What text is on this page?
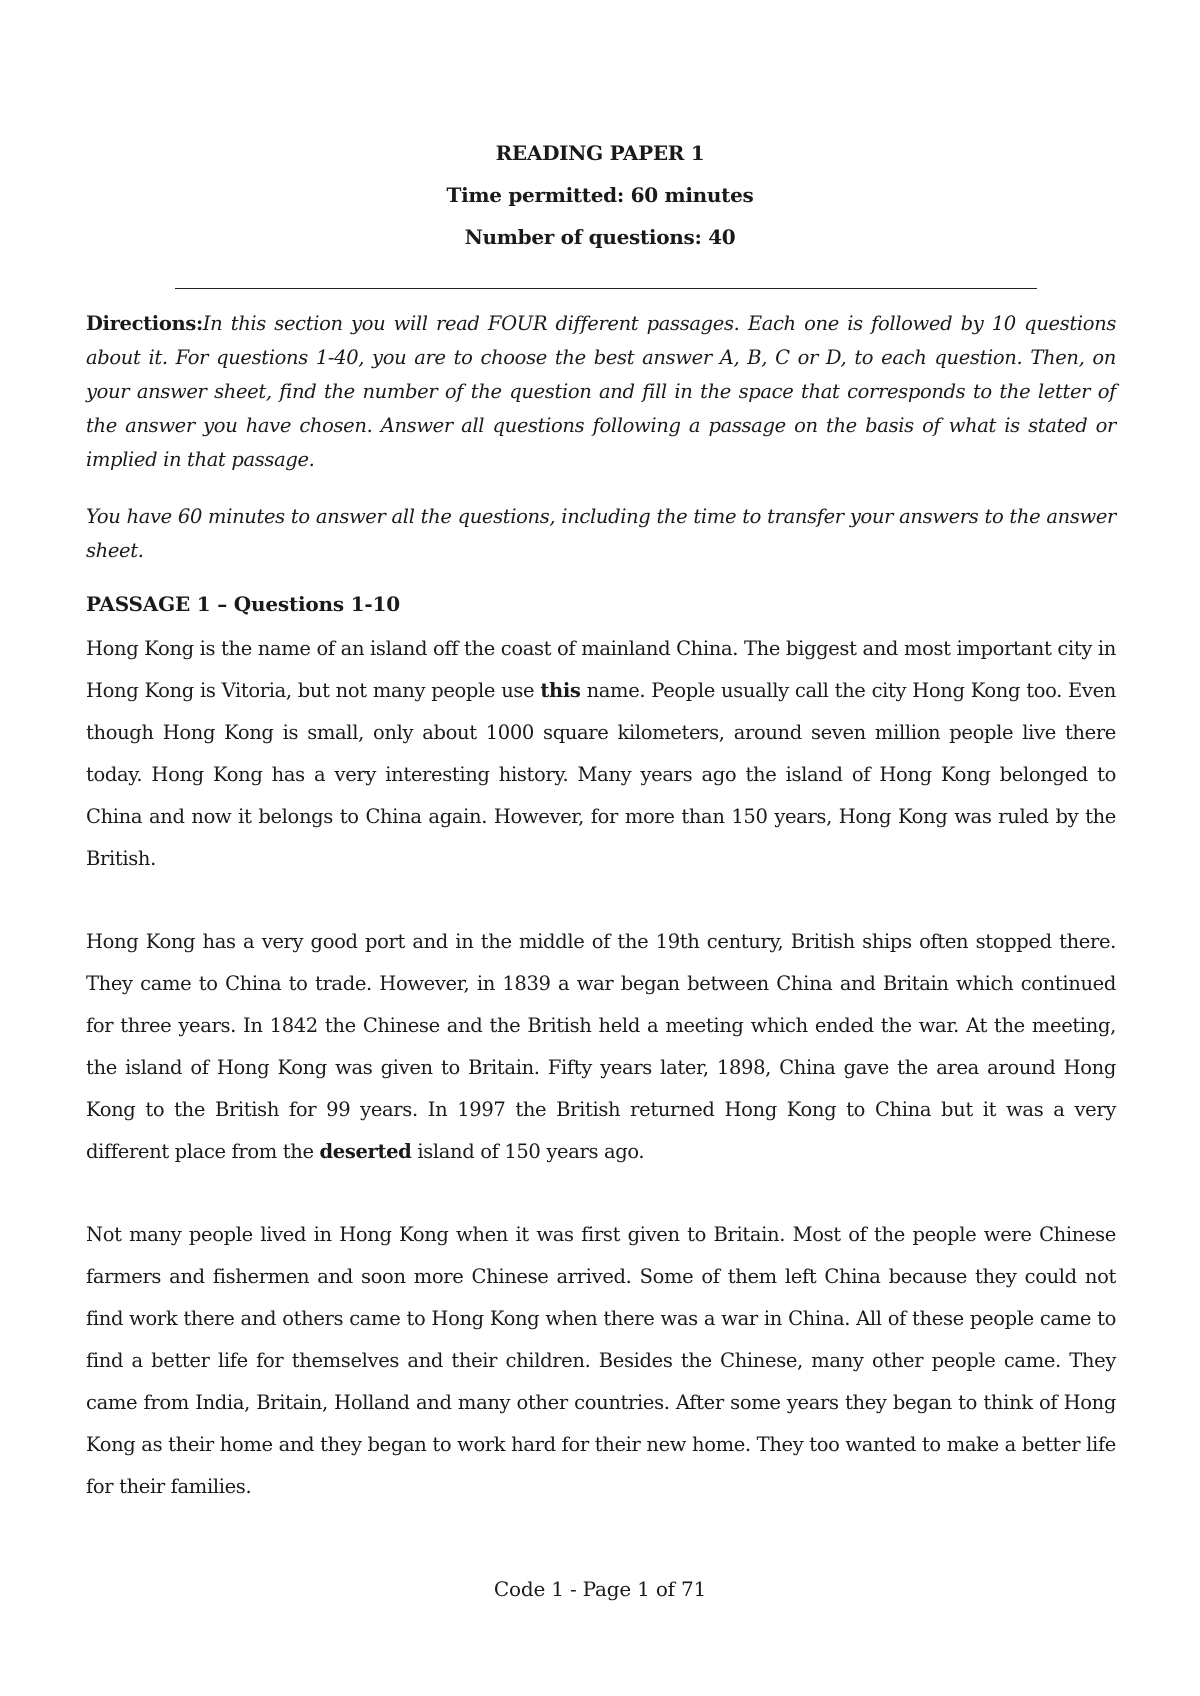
READING PAPER 1
Time permitted: 60 minutes
Number of questions: 40
Directions:In this section you will read FOUR different passages. Each one is followed by 10 questions about it. For questions 1-40, you are to choose the best answer A, B, C or D, to each question. Then, on your answer sheet, find the number of the question and fill in the space that corresponds to the letter of the answer you have chosen. Answer all questions following a passage on the basis of what is stated or implied in that passage.
You have 60 minutes to answer all the questions, including the time to transfer your answers to the answer sheet.
PASSAGE 1 – Questions 1-10
Hong Kong is the name of an island off the coast of mainland China. The biggest and most important city in Hong Kong is Vitoria, but not many people use this name. People usually call the city Hong Kong too. Even though Hong Kong is small, only about 1000 square kilometers, around seven million people live there today. Hong Kong has a very interesting history. Many years ago the island of Hong Kong belonged to China and now it belongs to China again. However, for more than 150 years, Hong Kong was ruled by the British.
Hong Kong has a very good port and in the middle of the 19th century, British ships often stopped there. They came to China to trade. However, in 1839 a war began between China and Britain which continued for three years. In 1842 the Chinese and the British held a meeting which ended the war. At the meeting, the island of Hong Kong was given to Britain. Fifty years later, 1898, China gave the area around Hong Kong to the British for 99 years. In 1997 the British returned Hong Kong to China but it was a very different place from the deserted island of 150 years ago.
Not many people lived in Hong Kong when it was first given to Britain. Most of the people were Chinese farmers and fishermen and soon more Chinese arrived. Some of them left China because they could not find work there and others came to Hong Kong when there was a war in China. All of these people came to find a better life for themselves and their children. Besides the Chinese, many other people came. They came from India, Britain, Holland and many other countries. After some years they began to think of Hong Kong as their home and they began to work hard for their new home. They too wanted to make a better life for their families.
Code 1 - Page 1 of 71
